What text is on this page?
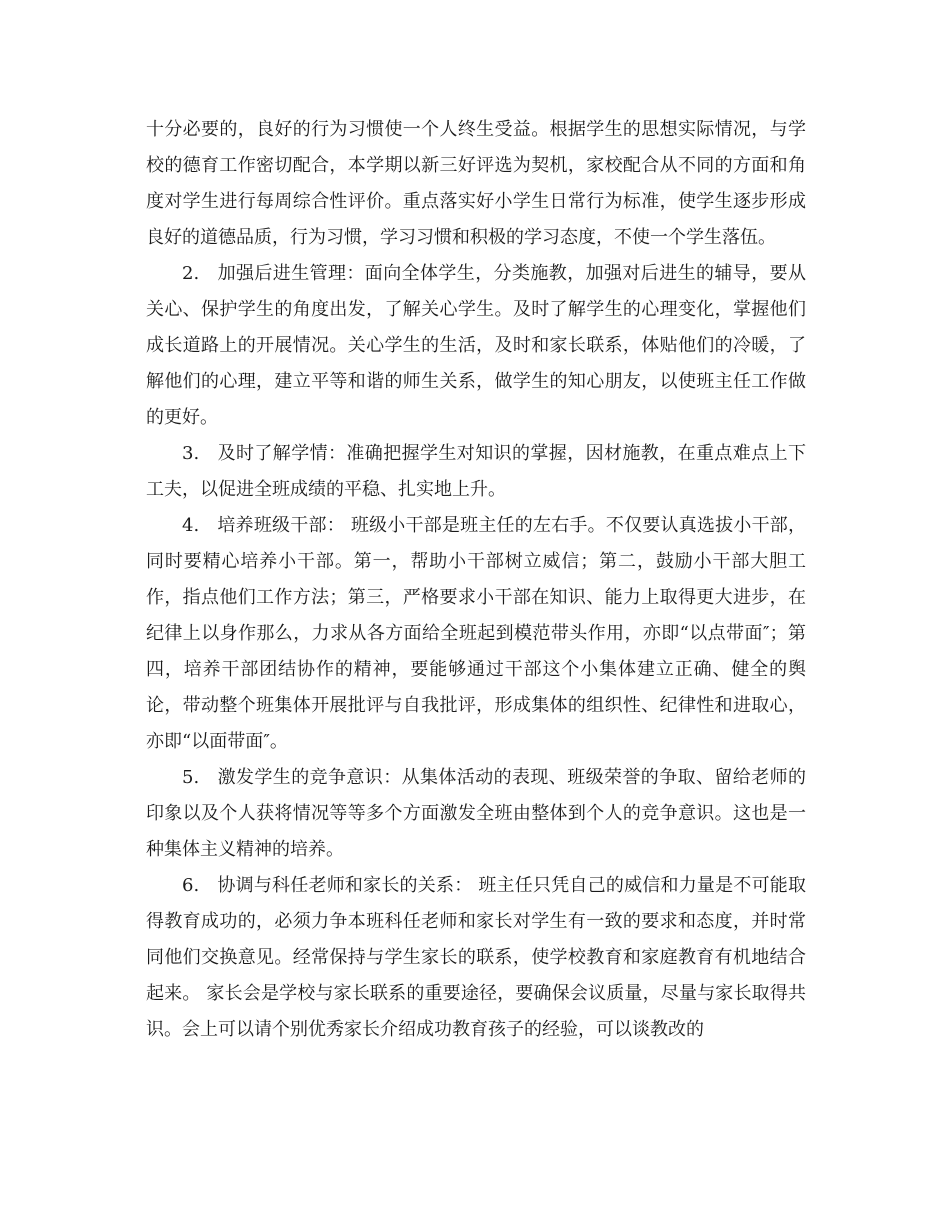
十分必要的，良好的行为习惯使一个人终生受益。根据学生的思想实际情况，与学校的德育工作密切配合，本学期以新三好评选为契机，家校配合从不同的方面和角度对学生进行每周综合性评价。重点落实好小学生日常行为标准，使学生逐步形成良好的道德品质，行为习惯，学习习惯和积极的学习态度，不使一个学生落伍。

2. 加强后进生管理：面向全体学生，分类施教，加强对后进生的辅导，要从关心、保护学生的角度出发，了解关心学生。及时了解学生的心理变化，掌握他们成长道路上的开展情况。关心学生的生活，及时和家长联系，体贴他们的冷暖，了解他们的心理，建立平等和谐的师生关系，做学生的知心朋友，以使班主任工作做的更好。

3. 及时了解学情：准确把握学生对知识的掌握，因材施教，在重点难点上下工夫，以促进全班成绩的平稳、扎实地上升。

4. 培养班级干部： 班级小干部是班主任的左右手。不仅要认真选拔小干部，同时要精心培养小干部。第一，帮助小干部树立威信；第二，鼓励小干部大胆工作，指点他们工作方法；第三，严格要求小干部在知识、能力上取得更大进步，在纪律上以身作那么，力求从各方面给全班起到模范带头作用，亦即“以点带面″；第四，培养干部团结协作的精神，要能够通过干部这个小集体建立正确、健全的舆论，带动整个班集体开展批评与自我批评，形成集体的组织性、纪律性和进取心，亦即“以面带面″。

5. 激发学生的竞争意识：从集体活动的表现、班级荣誉的争取、留给老师的印象以及个人获将情况等等多个方面激发全班由整体到个人的竞争意识。这也是一种集体主义精神的培养。

6. 协调与科任老师和家长的关系： 班主任只凭自己的威信和力量是不可能取得教育成功的，必须力争本班科任老师和家长对学生有一致的要求和态度，并时常同他们交换意见。经常保持与学生家长的联系，使学校教育和家庭教育有机地结合起来。 家长会是学校与家长联系的重要途径，要确保会议质量，尽量与家长取得共识。会上可以请个别优秀家长介绍成功教育孩子的经验，可以谈教改的
